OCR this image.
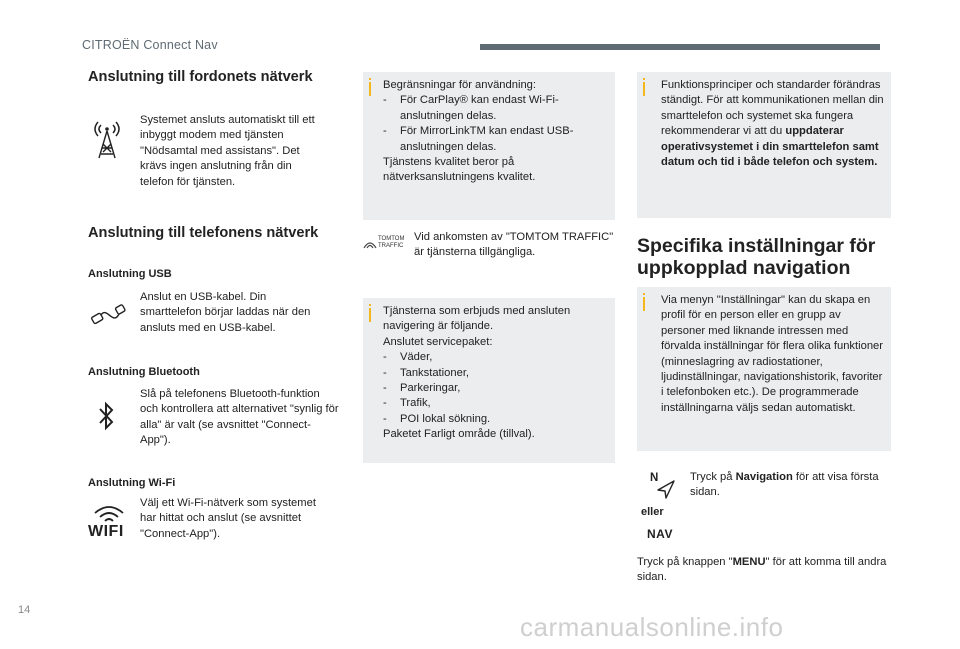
CITROËN Connect Nav
Anslutning till fordonets nätverk
Systemet ansluts automatiskt till ett inbyggt modem med tjänsten "Nödsamtal med assistans". Det krävs ingen anslutning från din telefon för tjänsten.
Anslutning till telefonens nätverk
Anslutning USB
Anslut en USB-kabel. Din smarttelefon börjar laddas när den ansluts med en USB-kabel.
Anslutning Bluetooth
Slå på telefonens Bluetooth-funktion och kontrollera att alternativet "synlig för alla" är valt (se avsnittet "Connect-App").
Anslutning Wi-Fi
WIFI
Välj ett Wi-Fi-nätverk som systemet har hittat och anslut (se avsnittet "Connect-App").
Begränsningar för användning:
- För CarPlay® kan endast Wi-Fi-anslutningen delas.
- För MirrorLinkTM kan endast USB-anslutningen delas.
Tjänstens kvalitet beror på nätverksanslutningens kvalitet.
TOMTOM
TRAFFIC
Vid ankomsten av "TOMTOM TRAFFIC" är tjänsterna tillgängliga.
Tjänsterna som erbjuds med ansluten navigering är följande.
Anslutet servicepaket:
- Väder,
- Tankstationer,
- Parkeringar,
- Trafik,
- POI lokal sökning.
Paketet Farligt område (tillval).
Funktionsprinciper och standarder förändras ständigt. För att kommunikationen mellan din smarttelefon och systemet ska fungera rekommenderar vi att du uppdaterar operativsystemet i din smarttelefon samt datum och tid i både telefon och system.
Specifika inställningar för
uppkopplad navigation
Via menyn "Inställningar" kan du skapa en profil för en person eller en grupp av personer med liknande intressen med förvalda inställningar för flera olika funktioner (minneslagring av radiostationer, ljudinställningar, navigationshistorik, favoriter i telefonboken etc.). De programmerade inställningarna väljs sedan automatiskt.
N
eller
NAV
Tryck på Navigation för att visa första sidan.
Tryck på knappen "MENU" för att komma till andra sidan.
14
carmanualsonline.info
